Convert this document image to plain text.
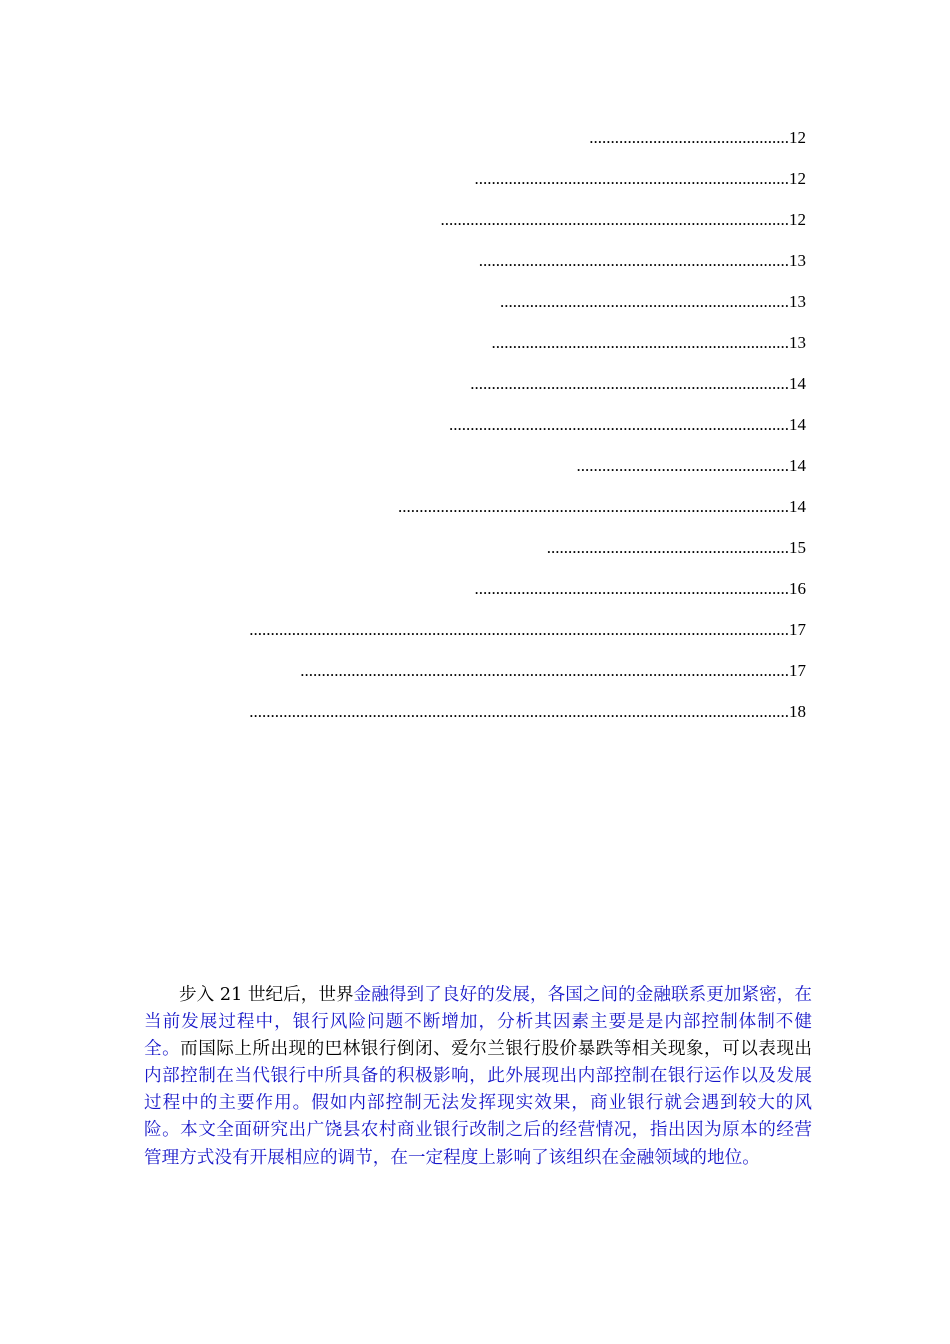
...............................................12
..........................................................................12
..................................................................................12
.........................................................................13
....................................................................13
......................................................................13
...........................................................................14
................................................................................14
..................................................14
............................................................................................14
.........................................................15
..........................................................................16
...............................................................................................................................17
...................................................................................................................17
...............................................................................................................................18

步入 21 世纪后，世界金融得到了良好的发展，各国之间的金融联系更加紧密，在当前发展过程中，银行风险问题不断增加，分析其因素主要是是内部控制体制不健全。而国际上所出现的巴林银行倒闭、爱尔兰银行股价暴跌等相关现象，可以表现出内部控制在当代银行中所具备的积极影响，此外展现出内部控制在银行运作以及发展过程中的主要作用。假如内部控制无法发挥现实效果，商业银行就会遇到较大的风险。本文全面研究出广饶县农村商业银行改制之后的经营情况，指出因为原本的经营管理方式没有开展相应的调节，在一定程度上影响了该组织在金融领域的地位。
